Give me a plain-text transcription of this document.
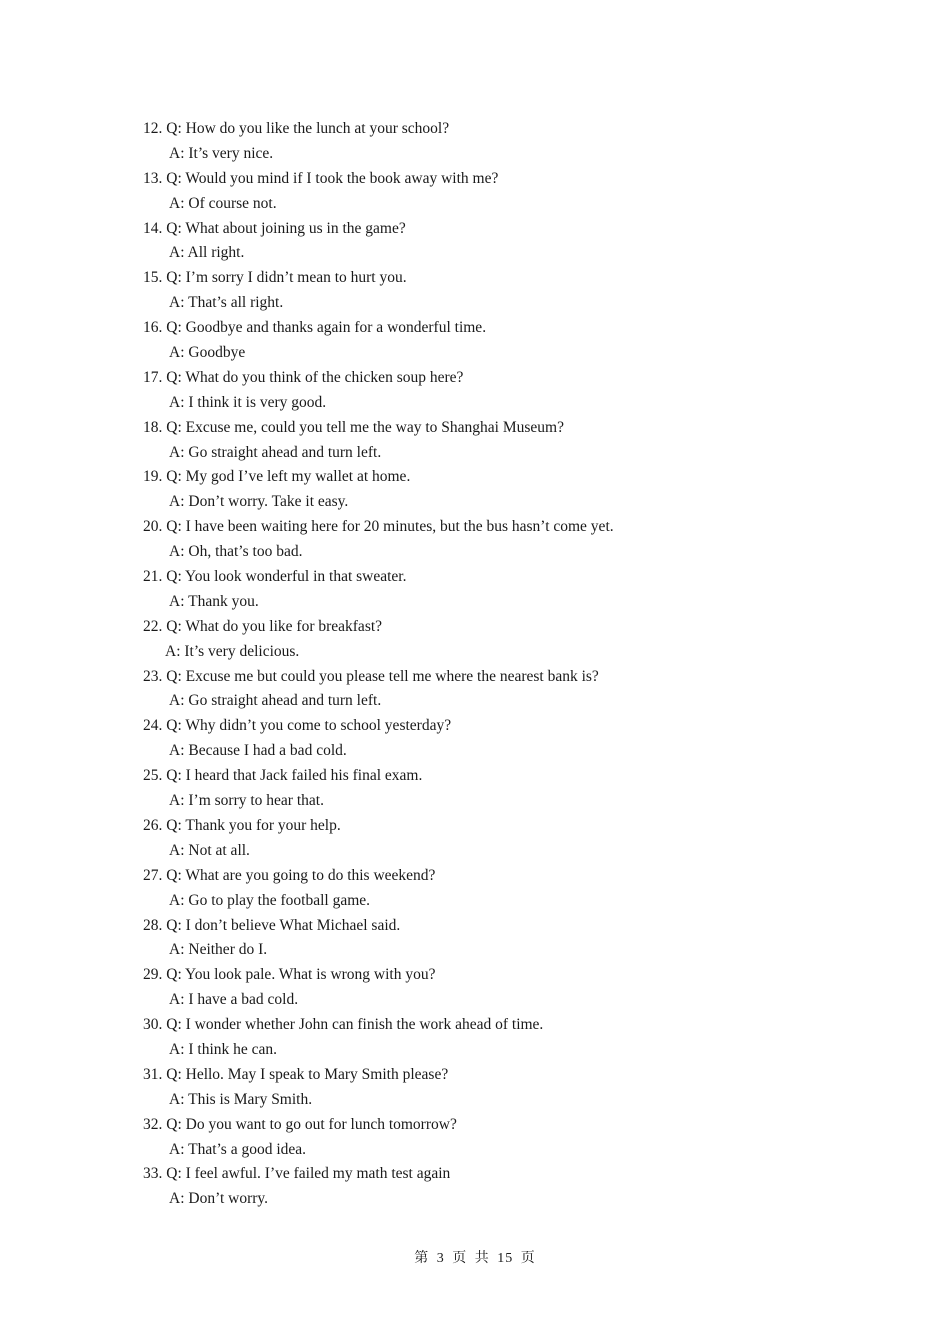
12. Q: How do you like the lunch at your school?
A: It’s very nice.
13. Q: Would you mind if I took the book away with me?
A: Of course not.
14. Q: What about joining us in the game?
A: All right.
15. Q: I’m sorry I didn’t mean to hurt you.
A: That’s all right.
16. Q: Goodbye and thanks again for a wonderful time.
A: Goodbye
17. Q: What do you think of the chicken soup here?
A: I think it is very good.
18. Q: Excuse me, could you tell me the way to Shanghai Museum?
A: Go straight ahead and turn left.
19. Q: My god I’ve left my wallet at home.
A: Don’t worry. Take it easy.
20. Q: I have been waiting here for 20 minutes, but the bus hasn’t come yet.
A: Oh, that’s too bad.
21. Q: You look wonderful in that sweater.
A: Thank you.
22. Q: What do you like for breakfast?
A: It’s very delicious.
23. Q: Excuse me but could you please tell me where the nearest bank is?
A: Go straight ahead and turn left.
24. Q: Why didn’t you come to school yesterday?
A: Because I had a bad cold.
25. Q: I heard that Jack failed his final exam.
A: I’m sorry to hear that.
26. Q: Thank you for your help.
A: Not at all.
27. Q: What are you going to do this weekend?
A: Go to play the football game.
28. Q: I don’t believe What Michael said.
A: Neither do I.
29. Q: You look pale. What is wrong with you?
A: I have a bad cold.
30. Q: I wonder whether John can finish the work ahead of time.
A: I think he can.
31. Q: Hello. May I speak to Mary Smith please?
A: This is Mary Smith.
32. Q: Do you want to go out for lunch tomorrow?
A: That’s a good idea.
33. Q: I feel awful. I’ve failed my math test again
A: Don’t worry.
第 3 页 共 15 页
